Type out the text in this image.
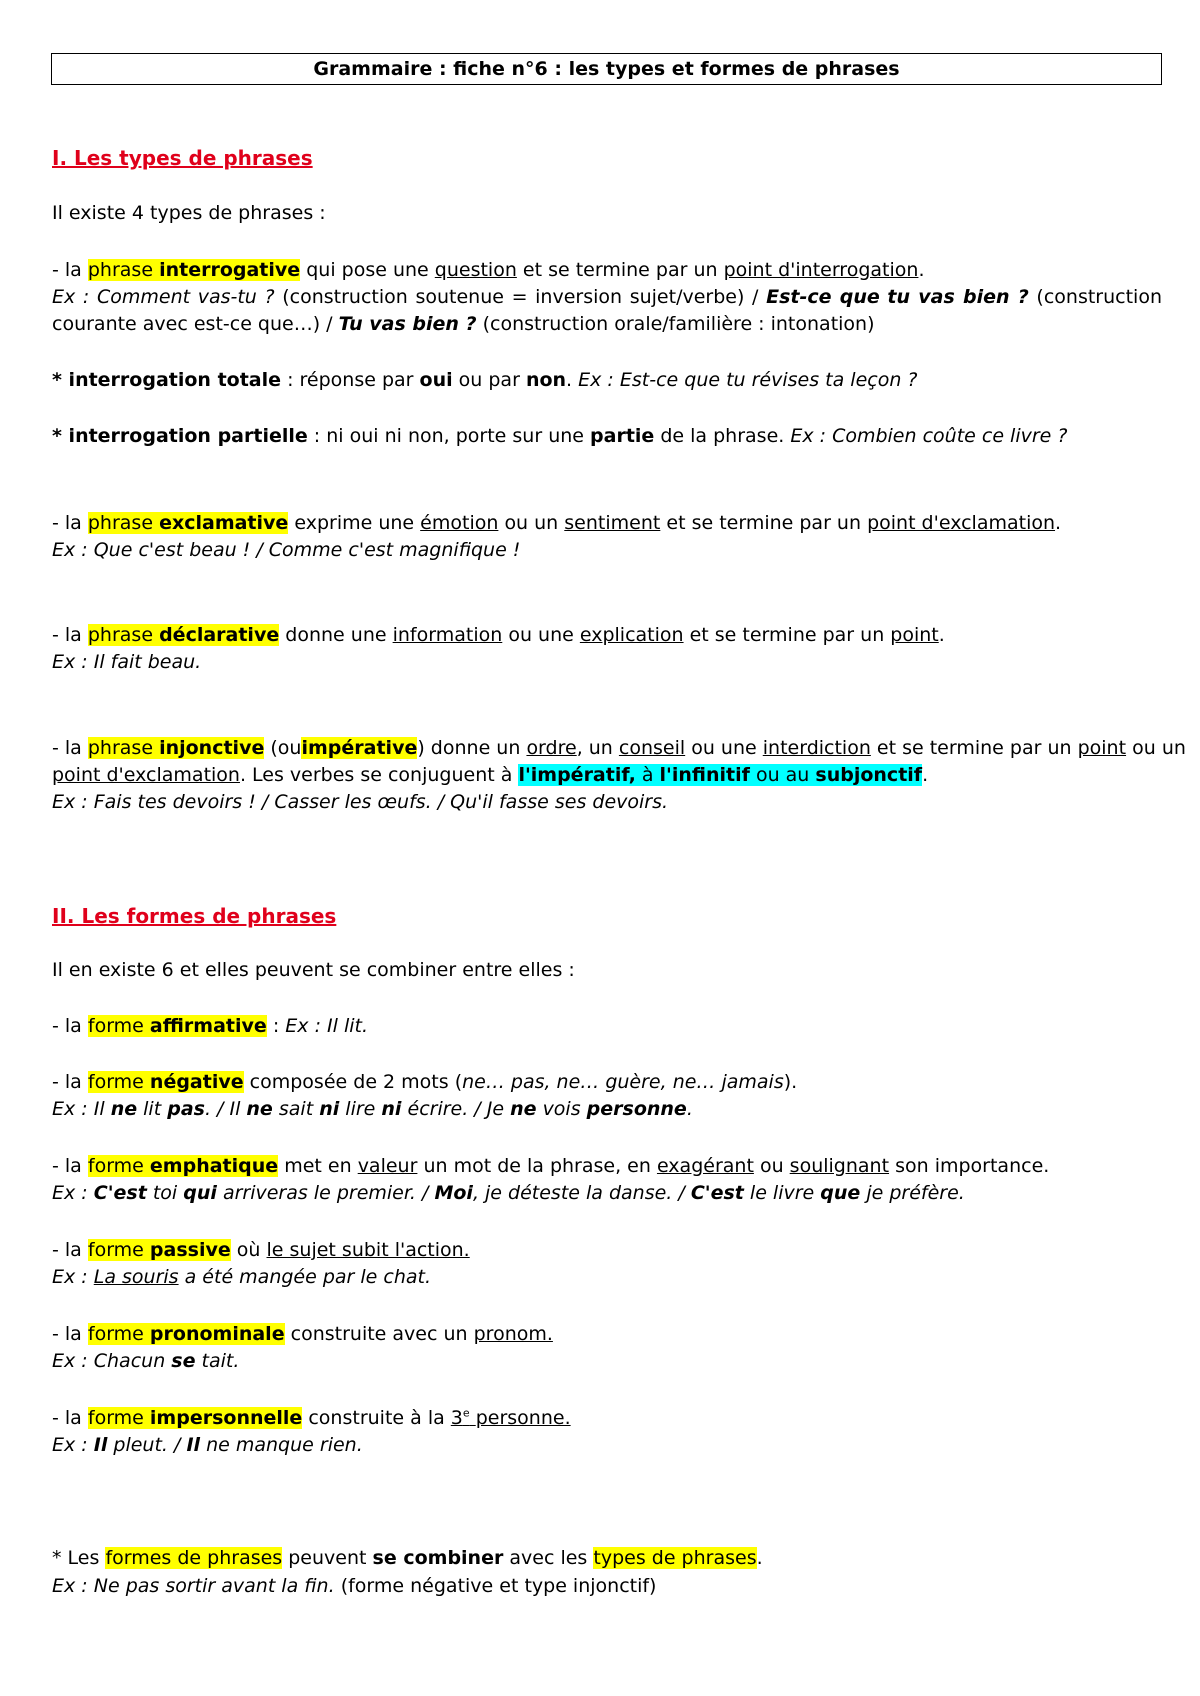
Grammaire : fiche n°6 : les types et formes de phrases
I. Les types de phrases
Il existe 4 types de phrases :
- la phrase interrogative qui pose une question et se termine par un point d'interrogation.
Ex : Comment vas-tu ? (construction soutenue = inversion sujet/verbe) / Est-ce que tu vas bien ? (construction
courante avec est-ce que…) / Tu vas bien ? (construction orale/familière : intonation)
* interrogation totale : réponse par oui ou par non. Ex : Est-ce que tu révises ta leçon ?
* interrogation partielle : ni oui ni non, porte sur une partie de la phrase. Ex : Combien coûte ce livre ?
- la phrase exclamative exprime une émotion ou un sentiment et se termine par un point d'exclamation.
Ex : Que c'est beau ! / Comme c'est magnifique !
- la phrase déclarative donne une information ou une explication et se termine par un point.
Ex : Il fait beau.
- la phrase injonctive (ouimpérative) donne un ordre, un conseil ou une interdiction et se termine par un point ou un
point d'exclamation. Les verbes se conjuguent à l'impératif, à l'infinitif ou au subjonctif.
Ex : Fais tes devoirs ! / Casser les œufs. / Qu'il fasse ses devoirs.
II. Les formes de phrases
Il en existe 6 et elles peuvent se combiner entre elles :
- la forme affirmative : Ex : Il lit.
- la forme négative composée de 2 mots (ne… pas, ne… guère, ne… jamais).
Ex : Il ne lit pas. / Il ne sait ni lire ni écrire. / Je ne vois personne.
- la forme emphatique met en valeur un mot de la phrase, en exagérant ou soulignant son importance.
Ex : C'est toi qui arriveras le premier. / Moi, je déteste la danse. / C'est le livre que je préfère.
- la forme passive où le sujet subit l'action.
Ex : La souris a été mangée par le chat.
- la forme pronominale construite avec un pronom.
Ex : Chacun se tait.
- la forme impersonnelle construite à la 3e personne.
Ex : Il pleut. / Il ne manque rien.
* Les formes de phrases peuvent se combiner avec les types de phrases.
Ex : Ne pas sortir avant la fin. (forme négative et type injonctif)
